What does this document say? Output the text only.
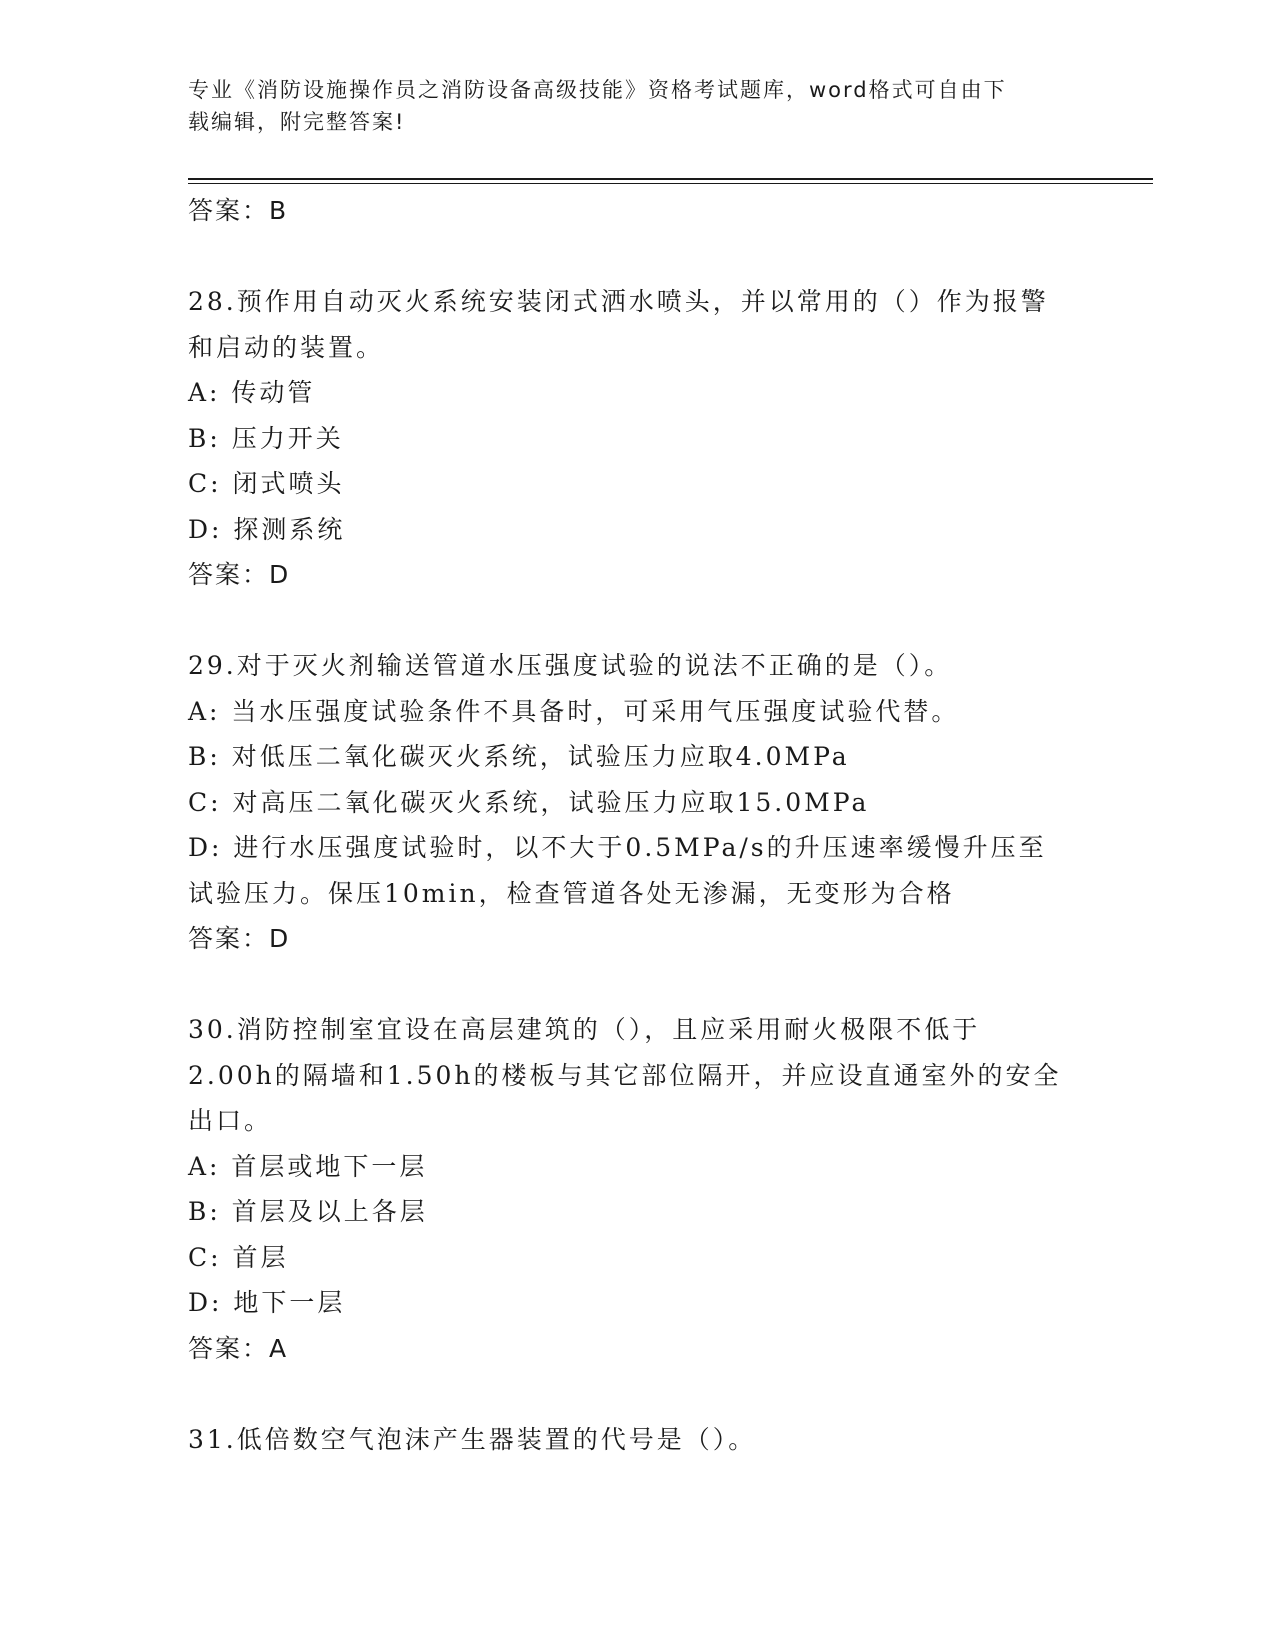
专业《消防设施操作员之消防设备高级技能》资格考试题库，word格式可自由下
载编辑，附完整答案!
答案：B
28.预作用自动灭火系统安装闭式洒水喷头，并以常用的（）作为报警
和启动的装置。
A: 传动管
B: 压力开关
C: 闭式喷头
D: 探测系统
答案：D
29.对于灭火剂输送管道水压强度试验的说法不正确的是（）。
A: 当水压强度试验条件不具备时，可采用气压强度试验代替。
B: 对低压二氧化碳灭火系统，试验压力应取4.0MPa
C: 对高压二氧化碳灭火系统，试验压力应取15.0MPa
D: 进行水压强度试验时，以不大于0.5MPa/s的升压速率缓慢升压至
试验压力。保压10min，检查管道各处无渗漏，无变形为合格
答案：D
30.消防控制室宜设在高层建筑的（），且应采用耐火极限不低于
2.00h的隔墙和1.50h的楼板与其它部位隔开，并应设直通室外的安全
出口。
A: 首层或地下一层
B: 首层及以上各层
C: 首层
D: 地下一层
答案：A
31.低倍数空气泡沫产生器装置的代号是（）。
